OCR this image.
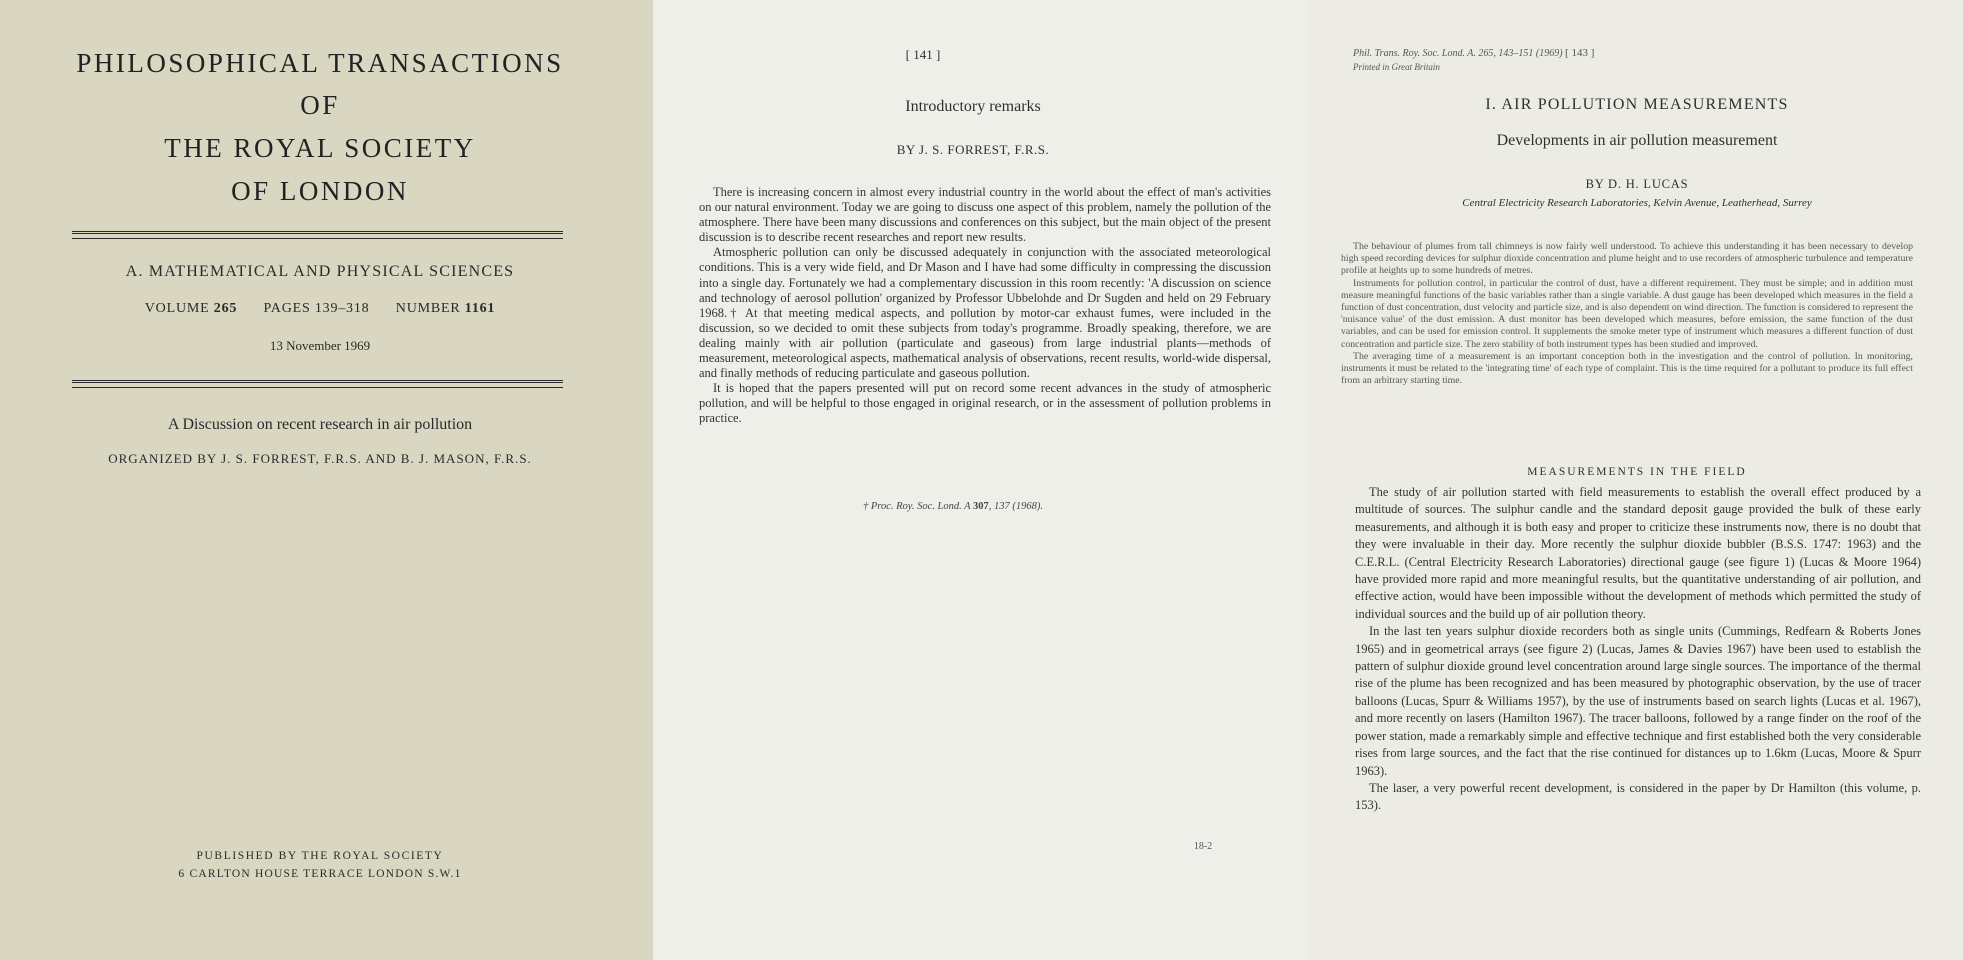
PHILOSOPHICAL TRANSACTIONS
OF
THE ROYAL SOCIETY
OF LONDON
A. MATHEMATICAL AND PHYSICAL SCIENCES
VOLUME 265 PAGES 139–318 NUMBER 1161
13 November 1969
A Discussion on recent research in air pollution
ORGANIZED BY J. S. FORREST, F.R.S. AND B. J. MASON, F.R.S.
PUBLISHED BY THE ROYAL SOCIETY
6 CARLTON HOUSE TERRACE LONDON S.W.1
[ 141 ]
Introductory remarks
BY J. S. FORREST, F.R.S.

There is increasing concern in almost every industrial country in the world about the effect of man's activities on our natural environment. Today we are going to discuss one aspect of this problem, namely the pollution of the atmosphere. There have been many discussions and conferences on this subject, but the main object of the present discussion is to describe recent researches and report new results.

Atmospheric pollution can only be discussed adequately in conjunction with the associated meteorological conditions. This is a very wide field, and Dr Mason and I have had some difficulty in compressing the discussion into a single day. Fortunately we had a complementary discussion in this room recently: 'A discussion on science and technology of aerosol pollution' organized by Professor Ubbelohde and Dr Sugden and held on 29 February 1968.† At that meeting medical aspects, and pollution by motor-car exhaust fumes, were included in the discussion, so we decided to omit these subjects from today's programme. Broadly speaking, therefore, we are dealing mainly with air pollution (particulate and gaseous) from large industrial plants—methods of measurement, meteorological aspects, mathematical analysis of observations, recent results, world-wide dispersal, and finally methods of reducing particulate and gaseous pollution.

It is hoped that the papers presented will put on record some recent advances in the study of atmospheric pollution, and will be helpful to those engaged in original research, or in the assessment of pollution problems in practice.

† Proc. Roy. Soc. Lond. A 307, 137 (1968).
18-2
Phil. Trans. Roy. Soc. Lond. A. 265, 143–151 (1969) [ 143 ]
Printed in Great Britain
I. AIR POLLUTION MEASUREMENTS
Developments in air pollution measurement
BY D. H. LUCAS
Central Electricity Research Laboratories, Kelvin Avenue, Leatherhead, Surrey

The behaviour of plumes from tall chimneys is now fairly well understood. To achieve this understanding it has been necessary to develop high speed recording devices for sulphur dioxide concentration and plume height and to use recorders of atmospheric turbulence and temperature profile at heights up to some hundreds of metres.

Instruments for pollution control, in particular the control of dust, have a different requirement. They must be simple; and in addition must measure meaningful functions of the basic variables rather than a single variable. A dust gauge has been developed which measures in the field a function of dust concentration, dust velocity and particle size, and is also dependent on wind direction. The function is considered to represent the 'nuisance value' of the dust emission. A dust monitor has been developed which measures, before emission, the same function of the dust variables, and can be used for emission control. It supplements the smoke meter type of instrument which measures a different function of dust concentration and particle size. The zero stability of both instrument types has been studied and improved.

The averaging time of a measurement is an important conception both in the investigation and the control of pollution. In monitoring, instruments it must be related to the 'integrating time' of each type of complaint. This is the time required for a pollutant to produce its full effect from an arbitrary starting time.

MEASUREMENTS IN THE FIELD

The study of air pollution started with field measurements to establish the overall effect produced by a multitude of sources. The sulphur candle and the standard deposit gauge provided the bulk of these early measurements, and although it is both easy and proper to criticize these instruments now, there is no doubt that they were invaluable in their day. More recently the sulphur dioxide bubbler (B.S.S. 1747: 1963) and the C.E.R.L. (Central Electricity Research Laboratories) directional gauge (see figure 1) (Lucas & Moore 1964) have provided more rapid and more meaningful results, but the quantitative understanding of air pollution, and effective action, would have been impossible without the development of methods which permitted the study of individual sources and the build up of air pollution theory.

In the last ten years sulphur dioxide recorders both as single units (Cummings, Redfearn & Roberts Jones 1965) and in geometrical arrays (see figure 2) (Lucas, James & Davies 1967) have been used to establish the pattern of sulphur dioxide ground level concentration around large single sources. The importance of the thermal rise of the plume has been recognized and has been measured by photographic observation, by the use of tracer balloons (Lucas, Spurr & Williams 1957), by the use of instruments based on search lights (Lucas et al. 1967), and more recently on lasers (Hamilton 1967). The tracer balloons, followed by a range finder on the roof of the power station, made a remarkably simple and effective technique and first established both the very considerable rises from large sources, and the fact that the rise continued for distances up to 1.6km (Lucas, Moore & Spurr 1963).

The laser, a very powerful recent development, is considered in the paper by Dr Hamilton (this volume, p. 153).
